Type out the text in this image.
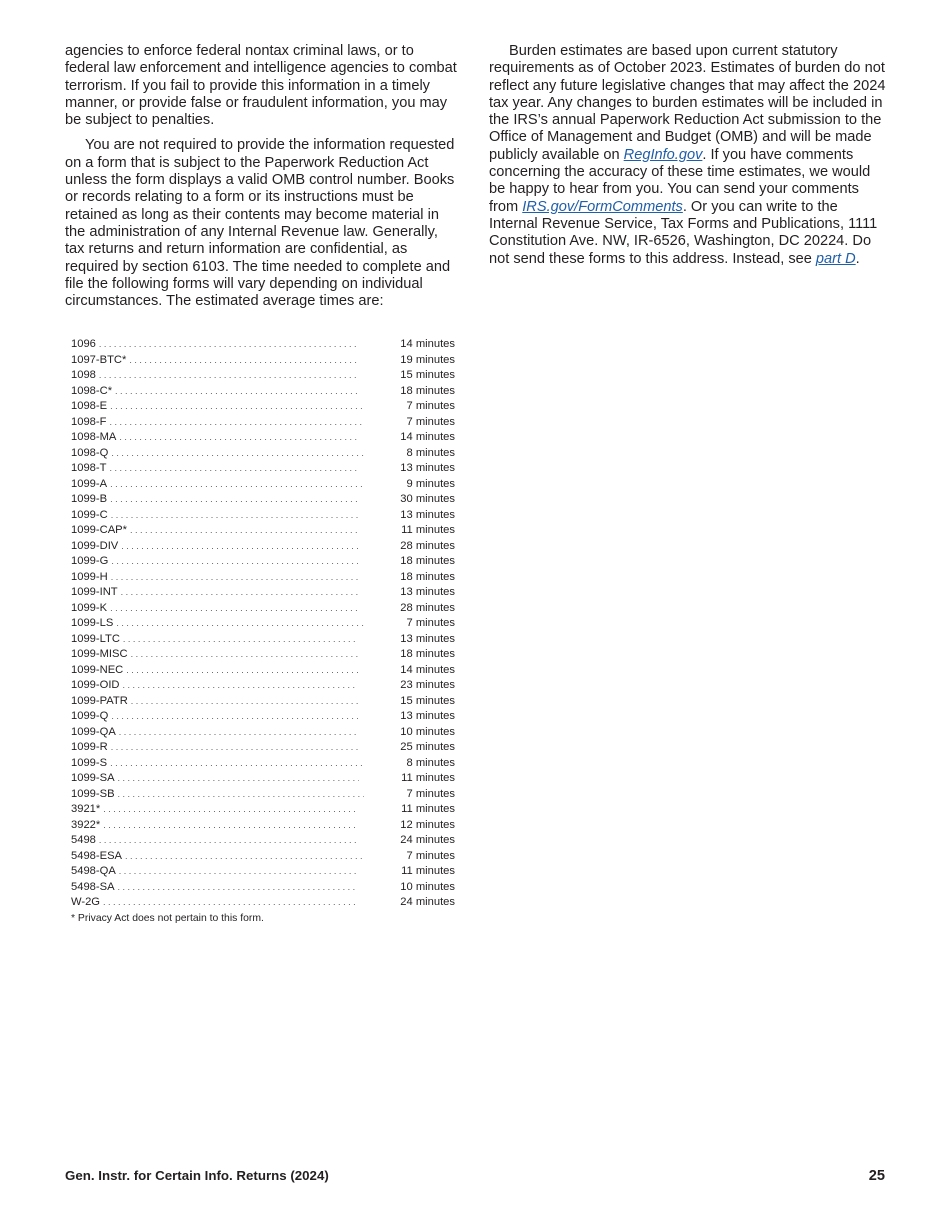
agencies to enforce federal nontax criminal laws, or to federal law enforcement and intelligence agencies to combat terrorism. If you fail to provide this information in a timely manner, or provide false or fraudulent information, you may be subject to penalties.

You are not required to provide the information requested on a form that is subject to the Paperwork Reduction Act unless the form displays a valid OMB control number. Books or records relating to a form or its instructions must be retained as long as their contents may become material in the administration of any Internal Revenue law. Generally, tax returns and return information are confidential, as required by section 6103. The time needed to complete and file the following forms will vary depending on individual circumstances. The estimated average times are:

1096 . . .	14 minutes
1097-BTC* . . .	19 minutes
1098 . . .	15 minutes
1098-C* . . .	18 minutes
1098-E . . .	7 minutes
1098-F . . .	7 minutes
1098-MA . . .	14 minutes
1098-Q . . .	8 minutes
1098-T . . .	13 minutes
1099-A . . .	9 minutes
1099-B . . .	30 minutes
1099-C . . .	13 minutes
1099-CAP* . . .	11 minutes
1099-DIV . . .	28 minutes
1099-G . . .	18 minutes
1099-H . . .	18 minutes
1099-INT . . .	13 minutes
1099-K . . .	28 minutes
1099-LS . . .	7 minutes
1099-LTC . . .	13 minutes
1099-MISC . . .	18 minutes
1099-NEC . . .	14 minutes
1099-OID . . .	23 minutes
1099-PATR . . .	15 minutes
1099-Q . . .	13 minutes
1099-QA . . .	10 minutes
1099-R . . .	25 minutes
1099-S . . .	8 minutes
1099-SA . . .	11 minutes
1099-SB . . .	7 minutes
3921* . . .	11 minutes
3922* . . .	12 minutes
5498 . . .	24 minutes
5498-ESA . . .	7 minutes
5498-QA . . .	11 minutes
5498-SA . . .	10 minutes
W-2G . . .	24 minutes
* Privacy Act does not pertain to this form.

Burden estimates are based upon current statutory requirements as of October 2023. Estimates of burden do not reflect any future legislative changes that may affect the 2024 tax year. Any changes to burden estimates will be included in the IRS’s annual Paperwork Reduction Act submission to the Office of Management and Budget (OMB) and will be made publicly available on RegInfo.gov. If you have comments concerning the accuracy of these time estimates, we would be happy to hear from you. You can send your comments from IRS.gov/FormComments. Or you can write to the Internal Revenue Service, Tax Forms and Publications, 1111 Constitution Ave. NW, IR-6526, Washington, DC 20224. Do not send these forms to this address. Instead, see part D.

Gen. Instr. for Certain Info. Returns (2024)	25
